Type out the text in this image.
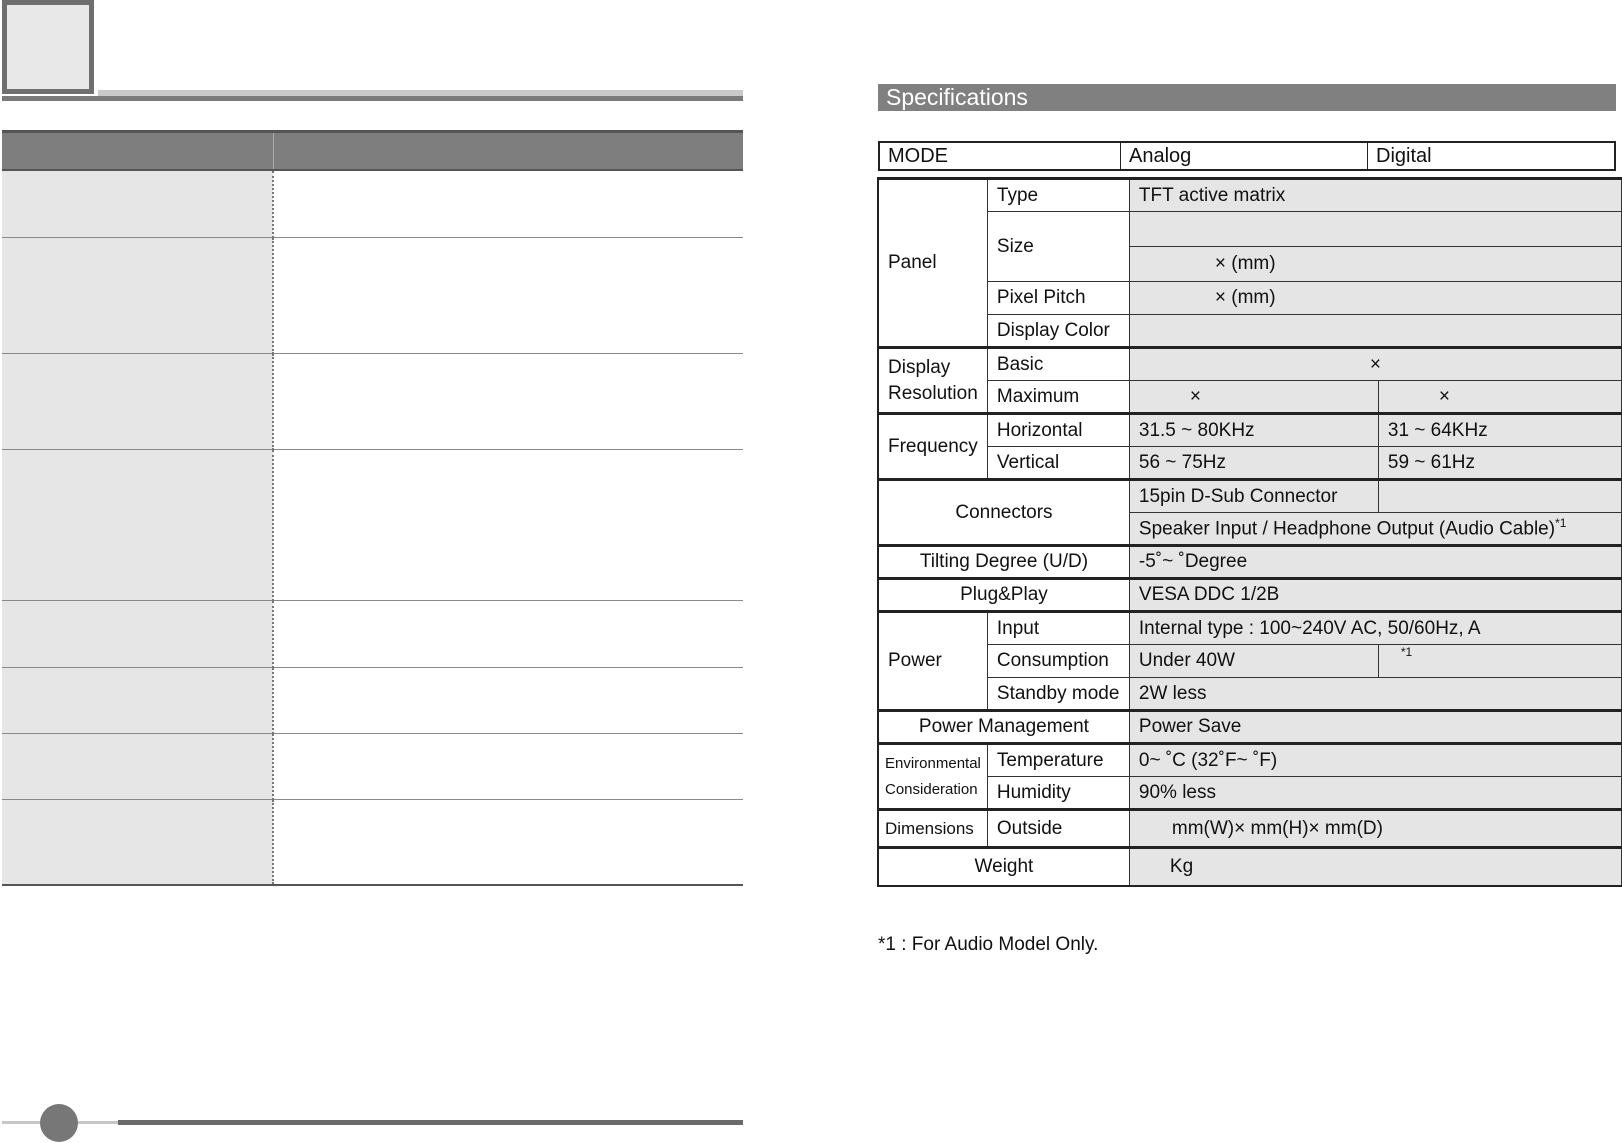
Specifications
MODE	Analog	Digital
Panel	Type	TFT active matrix	
	Size		
		× (mm)	
	Pixel Pitch	× (mm)	
	Display Color		
Display
Resolution	Basic	×	
	Maximum	×	×
Frequency	Horizontal	31.5 ~ 80KHz	31 ~ 64KHz
	Vertical	56 ~ 75Hz	59 ~ 61Hz
Connectors		15pin D-Sub Connector	
		Speaker Input / Headphone Output (Audio Cable)$^{*1}$
Tilting Degree (U/D)		-5˚~ ˚Degree	
Plug&Play		VESA DDC 1/2B	
Power	Input	Internal type : 100~240V AC, 50/60Hz, A	
	Consumption	Under 40W	$^{*1}$
	Standby mode	2W less	
Power Management		Power Save	
Environmental
Consideration	Temperature	0~ ˚C (32˚F~ ˚F)	
	Humidity	90% less	
Dimensions	Outside	mm(W)× mm(H)× mm(D)	
Weight		Kg	
*1 : For Audio Model Only.
